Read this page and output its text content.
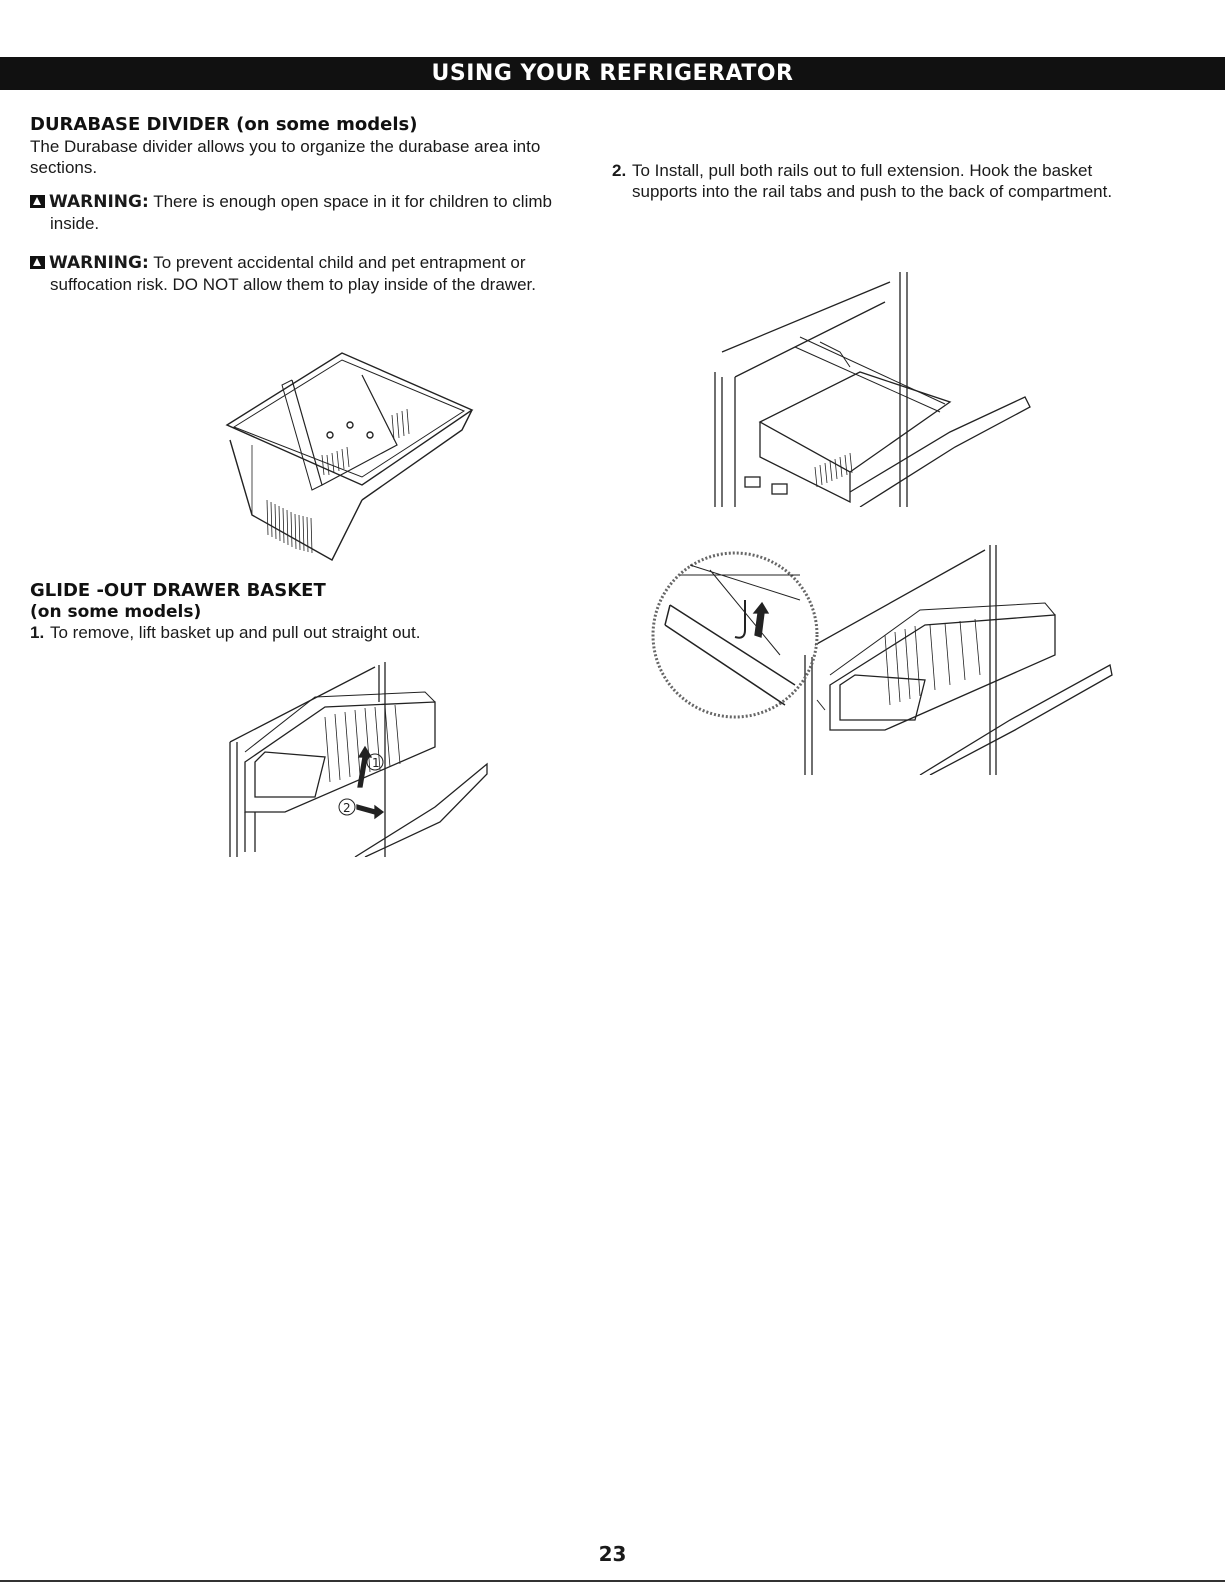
USING YOUR REFRIGERATOR
DURABASE DIVIDER (on some models)

The Durabase divider allows you to organize the durabase area into sections.

WARNING: There is enough open space in it for children to climb inside.

WARNING: To prevent accidental child and pet entrapment or suffocation risk. DO NOT allow them to play inside of the drawer.

GLIDE -OUT DRAWER BASKET
(on some models)

1. To remove, lift basket up and pull out straight out.

1
2

2. To Install, pull both rails out to full extension. Hook the basket supports into the rail tabs and push to the back of compartment.

23
